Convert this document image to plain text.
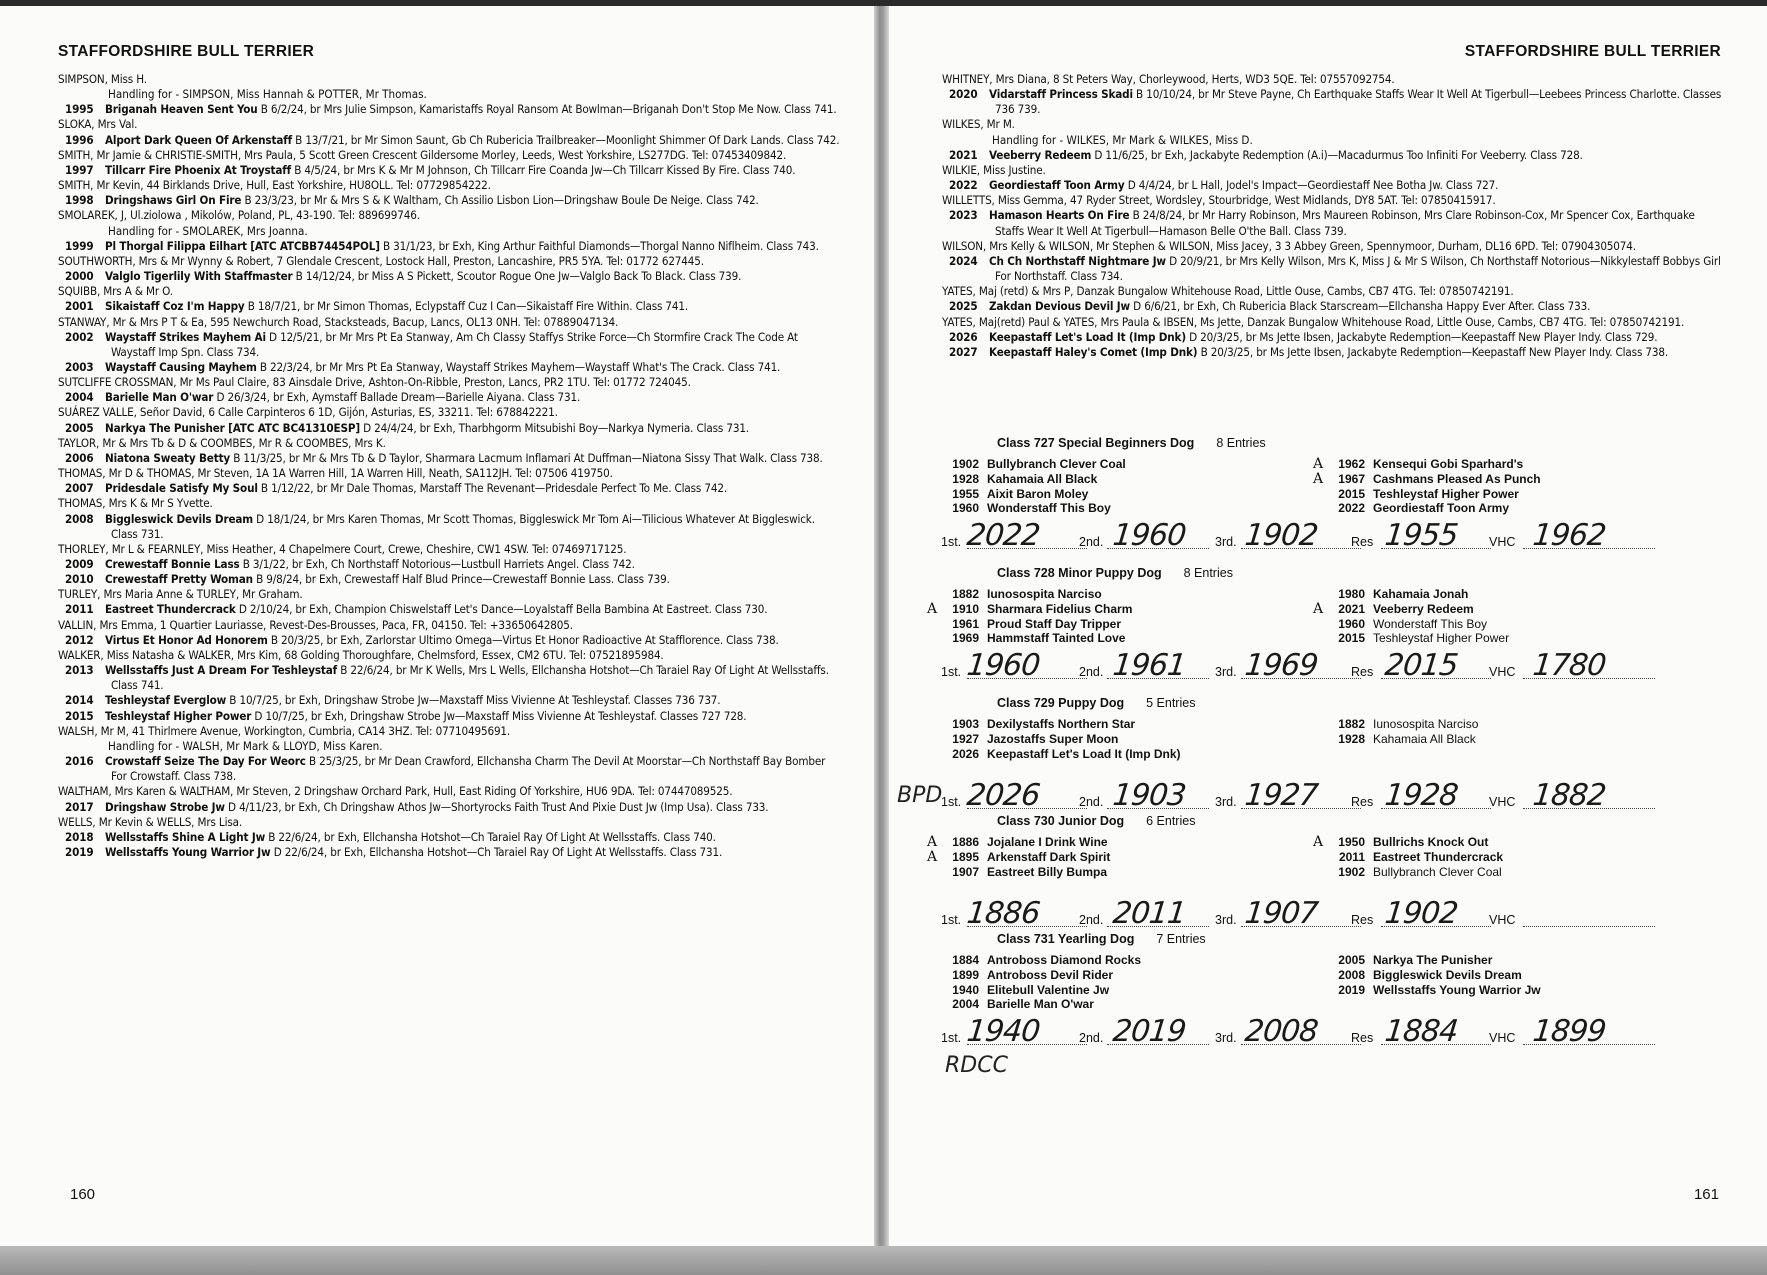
STAFFORDSHIRE BULL TERRIER

SIMPSON, Miss H.

Handling for - SIMPSON, Miss Hannah & POTTER, Mr Thomas.

1995 Briganah Heaven Sent You B 6/2/24, br Mrs Julie Simpson, Kamaristaffs Royal Ransom At Bowlman—Briganah Don't Stop Me Now. Class 741.

SLOKA, Mrs Val.

1996 Alport Dark Queen Of Arkenstaff B 13/7/21, br Mr Simon Saunt, Gb Ch Rubericia Trailbreaker—Moonlight Shimmer Of Dark Lands. Class 742.

SMITH, Mr Jamie & CHRISTIE-SMITH, Mrs Paula, 5 Scott Green Crescent Gildersome Morley, Leeds, West Yorkshire, LS277DG. Tel: 07453409842.

1997 Tillcarr Fire Phoenix At Troystaff B 4/5/24, br Mrs K & Mr M Johnson, Ch Tillcarr Fire Coanda Jw—Ch Tillcarr Kissed By Fire. Class 740.

SMITH, Mr Kevin, 44 Birklands Drive, Hull, East Yorkshire, HU8OLL. Tel: 07729854222.

1998 Dringshaws Girl On Fire B 23/3/23, br Mr & Mrs S & K Waltham, Ch Assilio Lisbon Lion—Dringshaw Boule De Neige. Class 742.

SMOLAREK, J, Ul.ziolowa , Mikolów, Poland, PL, 43-190. Tel: 889699746.

Handling for - SMOLAREK, Mrs Joanna.

1999 Pl Thorgal Filippa Eilhart [ATC ATCBB74454POL] B 31/1/23, br Exh, King Arthur Faithful Diamonds—Thorgal Nanno Niflheim. Class 743.

SOUTHWORTH, Mrs & Mr Wynny & Robert, 7 Glendale Crescent, Lostock Hall, Preston, Lancashire, PR5 5YA. Tel: 01772 627445.

2000 Valglo Tigerlily With Staffmaster B 14/12/24, br Miss A S Pickett, Scoutor Rogue One Jw—Valglo Back To Black. Class 739.

SQUIBB, Mrs A & Mr O.

2001 Sikaistaff Coz I'm Happy B 18/7/21, br Mr Simon Thomas, Eclypstaff Cuz I Can—Sikaistaff Fire Within. Class 741.

STANWAY, Mr & Mrs P T & Ea, 595 Newchurch Road, Stacksteads, Bacup, Lancs, OL13 0NH. Tel: 07889047134.

2002 Waystaff Strikes Mayhem Ai D 12/5/21, br Mr Mrs Pt Ea Stanway, Am Ch Classy Staffys Strike Force—Ch Stormfire Crack The Code At Waystaff Imp Spn. Class 734.

2003 Waystaff Causing Mayhem B 22/3/24, br Mr Mrs Pt Ea Stanway, Waystaff Strikes Mayhem—Waystaff What's The Crack. Class 741.

SUTCLIFFE CROSSMAN, Mr Ms Paul Claire, 83 Ainsdale Drive, Ashton-On-Ribble, Preston, Lancs, PR2 1TU. Tel: 01772 724045.

2004 Barielle Man O'war D 26/3/24, br Exh, Aymstaff Ballade Dream—Barielle Aiyana. Class 731.

SUÁREZ VALLE, Señor David, 6 Calle Carpinteros 6 1D, Gijón, Asturias, ES, 33211. Tel: 678842221.

2005 Narkya The Punisher [ATC ATC BC41310ESP] D 24/4/24, br Exh, Tharbhgorm Mitsubishi Boy—Narkya Nymeria. Class 731.

TAYLOR, Mr & Mrs Tb & D & COOMBES, Mr R & COOMBES, Mrs K.

2006 Niatona Sweaty Betty B 11/3/25, br Mr & Mrs Tb & D Taylor, Sharmara Lacmum Inflamari At Duffman—Niatona Sissy That Walk. Class 738.

THOMAS, Mr D & THOMAS, Mr Steven, 1A 1A Warren Hill, 1A Warren Hill, Neath, SA112JH. Tel: 07506 419750.

2007 Pridesdale Satisfy My Soul B 1/12/22, br Mr Dale Thomas, Marstaff The Revenant—Pridesdale Perfect To Me. Class 742.

THOMAS, Mrs K & Mr S Yvette.

2008 Biggleswick Devils Dream D 18/1/24, br Mrs Karen Thomas, Mr Scott Thomas, Biggleswick Mr Tom Ai—Tilicious Whatever At Biggleswick. Class 731.

THORLEY, Mr L & FEARNLEY, Miss Heather, 4 Chapelmere Court, Crewe, Cheshire, CW1 4SW. Tel: 07469717125.

2009 Crewestaff Bonnie Lass B 3/1/22, br Exh, Ch Northstaff Notorious—Lustbull Harriets Angel. Class 742.

2010 Crewestaff Pretty Woman B 9/8/24, br Exh, Crewestaff Half Blud Prince—Crewestaff Bonnie Lass. Class 739.

TURLEY, Mrs Maria Anne & TURLEY, Mr Graham.

2011 Eastreet Thundercrack D 2/10/24, br Exh, Champion Chiswelstaff Let's Dance—Loyalstaff Bella Bambina At Eastreet. Class 730.

VALLIN, Mrs Emma, 1 Quartier Lauriasse, Revest-Des-Brousses, Paca, FR, 04150. Tel: +33650642805.

2012 Virtus Et Honor Ad Honorem B 20/3/25, br Exh, Zarlorstar Ultimo Omega—Virtus Et Honor Radioactive At Stafflorence. Class 738.

WALKER, Miss Natasha & WALKER, Mrs Kim, 68 Golding Thoroughfare, Chelmsford, Essex, CM2 6TU. Tel: 07521895984.

2013 Wellsstaffs Just A Dream For Teshleystaf B 22/6/24, br Mr K Wells, Mrs L Wells, Ellchansha Hotshot—Ch Taraiel Ray Of Light At Wellsstaffs. Class 741.

2014 Teshleystaf Everglow B 10/7/25, br Exh, Dringshaw Strobe Jw—Maxstaff Miss Vivienne At Teshleystaf. Classes 736 737.

2015 Teshleystaf Higher Power D 10/7/25, br Exh, Dringshaw Strobe Jw—Maxstaff Miss Vivienne At Teshleystaf. Classes 727 728.

WALSH, Mr M, 41 Thirlmere Avenue, Workington, Cumbria, CA14 3HZ. Tel: 07710495691.

Handling for - WALSH, Mr Mark & LLOYD, Miss Karen.

2016 Crowstaff Seize The Day For Weorc B 25/3/25, br Mr Dean Crawford, Ellchansha Charm The Devil At Moorstar—Ch Northstaff Bay Bomber For Crowstaff. Class 738.

WALTHAM, Mrs Karen & WALTHAM, Mr Steven, 2 Dringshaw Orchard Park, Hull, East Riding Of Yorkshire, HU6 9DA. Tel: 07447089525.

2017 Dringshaw Strobe Jw D 4/11/23, br Exh, Ch Dringshaw Athos Jw—Shortyrocks Faith Trust And Pixie Dust Jw (Imp Usa). Class 733.

WELLS, Mr Kevin & WELLS, Mrs Lisa.

2018 Wellsstaffs Shine A Light Jw B 22/6/24, br Exh, Ellchansha Hotshot—Ch Taraiel Ray Of Light At Wellsstaffs. Class 740.

2019 Wellsstaffs Young Warrior Jw D 22/6/24, br Exh, Ellchansha Hotshot—Ch Taraiel Ray Of Light At Wellsstaffs. Class 731.

160
STAFFORDSHIRE BULL TERRIER

WHITNEY, Mrs Diana, 8 St Peters Way, Chorleywood, Herts, WD3 5QE. Tel: 07557092754.

2020 Vidarstaff Princess Skadi B 10/10/24, br Mr Steve Payne, Ch Earthquake Staffs Wear It Well At Tigerbull—Leebees Princess Charlotte. Classes 736 739.

WILKES, Mr M.

Handling for - WILKES, Mr Mark & WILKES, Miss D.

2021 Veeberry Redeem D 11/6/25, br Exh, Jackabyte Redemption (A.i)—Macadurmus Too Infiniti For Veeberry. Class 728.

WILKIE, Miss Justine.

2022 Geordiestaff Toon Army D 4/4/24, br L Hall, Jodel's Impact—Geordiestaff Nee Botha Jw. Class 727.

WILLETTS, Miss Gemma, 47 Ryder Street, Wordsley, Stourbridge, West Midlands, DY8 5AT. Tel: 07850415917.

2023 Hamason Hearts On Fire B 24/8/24, br Mr Harry Robinson, Mrs Maureen Robinson, Mrs Clare Robinson-Cox, Mr Spencer Cox, Earthquake Staffs Wear It Well At Tigerbull—Hamason Belle O'the Ball. Class 739.

WILSON, Mrs Kelly & WILSON, Mr Stephen & WILSON, Miss Jacey, 3 3 Abbey Green, Spennymoor, Durham, DL16 6PD. Tel: 07904305074.

2024 Ch Ch Northstaff Nightmare Jw D 20/9/21, br Mrs Kelly Wilson, Mrs K, Miss J & Mr S Wilson, Ch Northstaff Notorious—Nikkylestaff Bobbys Girl For Northstaff. Class 734.

YATES, Maj (retd) & Mrs P, Danzak Bungalow Whitehouse Road, Little Ouse, Cambs, CB7 4TG. Tel: 07850742191.

2025 Zakdan Devious Devil Jw D 6/6/21, br Exh, Ch Rubericia Black Starscream—Ellchansha Happy Ever After. Class 733.

YATES, Maj(retd) Paul & YATES, Mrs Paula & IBSEN, Ms Jette, Danzak Bungalow Whitehouse Road, Little Ouse, Cambs, CB7 4TG. Tel: 07850742191.

2026 Keepastaff Let's Load It (Imp Dnk) D 20/3/25, br Ms Jette Ibsen, Jackabyte Redemption—Keepastaff New Player Indy. Class 729.

2027 Keepastaff Haley's Comet (Imp Dnk) B 20/3/25, br Ms Jette Ibsen, Jackabyte Redemption—Keepastaff New Player Indy. Class 738.

Class 727 Special Beginners Dog 8 Entries
1902 Bullybranch Clever Coal
1928 Kahamaia All Black
1955 Aixit Baron Moley
1960 Wonderstaff This Boy
A 1962 Kensequi Gobi Sparhard's
A 1967 Cashmans Pleased As Punch
2015 Teshleystaf Higher Power
2022 Geordiestaff Toon Army
1st. 2022	2nd. 1960 3rd. 1902	Res 1955 VHC 1962
Class 728 Minor Puppy Dog 8 Entries
1882 Iunosospita Narciso
A 1910 Sharmara Fidelius Charm
1961 Proud Staff Day Tripper
1969 Hammstaff Tainted Love
1980 Kahamaia Jonah
A 2021 Veeberry Redeem
1960 Wonderstaff This Boy
2015 Teshleystaf Higher Power
1st. 1960	2nd. 1961 3rd. 1969	Res 2015 VHC 1780
Class 729 Puppy Dog 5 Entries
1903 Dexilystaffs Northern Star
1927 Jazostaffs Super Moon
2026 Keepastaff Let's Load It (Imp Dnk)
1882 Iunosospita Narciso
1928 Kahamaia All Black
1st. 2026	2nd. 1903 3rd. 1927	Res 1928 VHC 1882
BPD
Class 730 Junior Dog 6 Entries
A 1886 Jojalane I Drink Wine
A 1895 Arkenstaff Dark Spirit
1907 Eastreet Billy Bumpa
A 1950 Bullrichs Knock Out
2011 Eastreet Thundercrack
1902 Bullybranch Clever Coal
1st. 1886	2nd. 2011 3rd. 1907	Res 1902 VHC
Class 731 Yearling Dog 7 Entries
1884 Antroboss Diamond Rocks
1899 Antroboss Devil Rider
1940 Elitebull Valentine Jw
2004 Barielle Man O'war
2005 Narkya The Punisher
2008 Biggleswick Devils Dream
2019 Wellsstaffs Young Warrior Jw
1st. 1940	2nd. 2019 3rd. 2008	Res 1884 VHC 1899
RDCC
161
